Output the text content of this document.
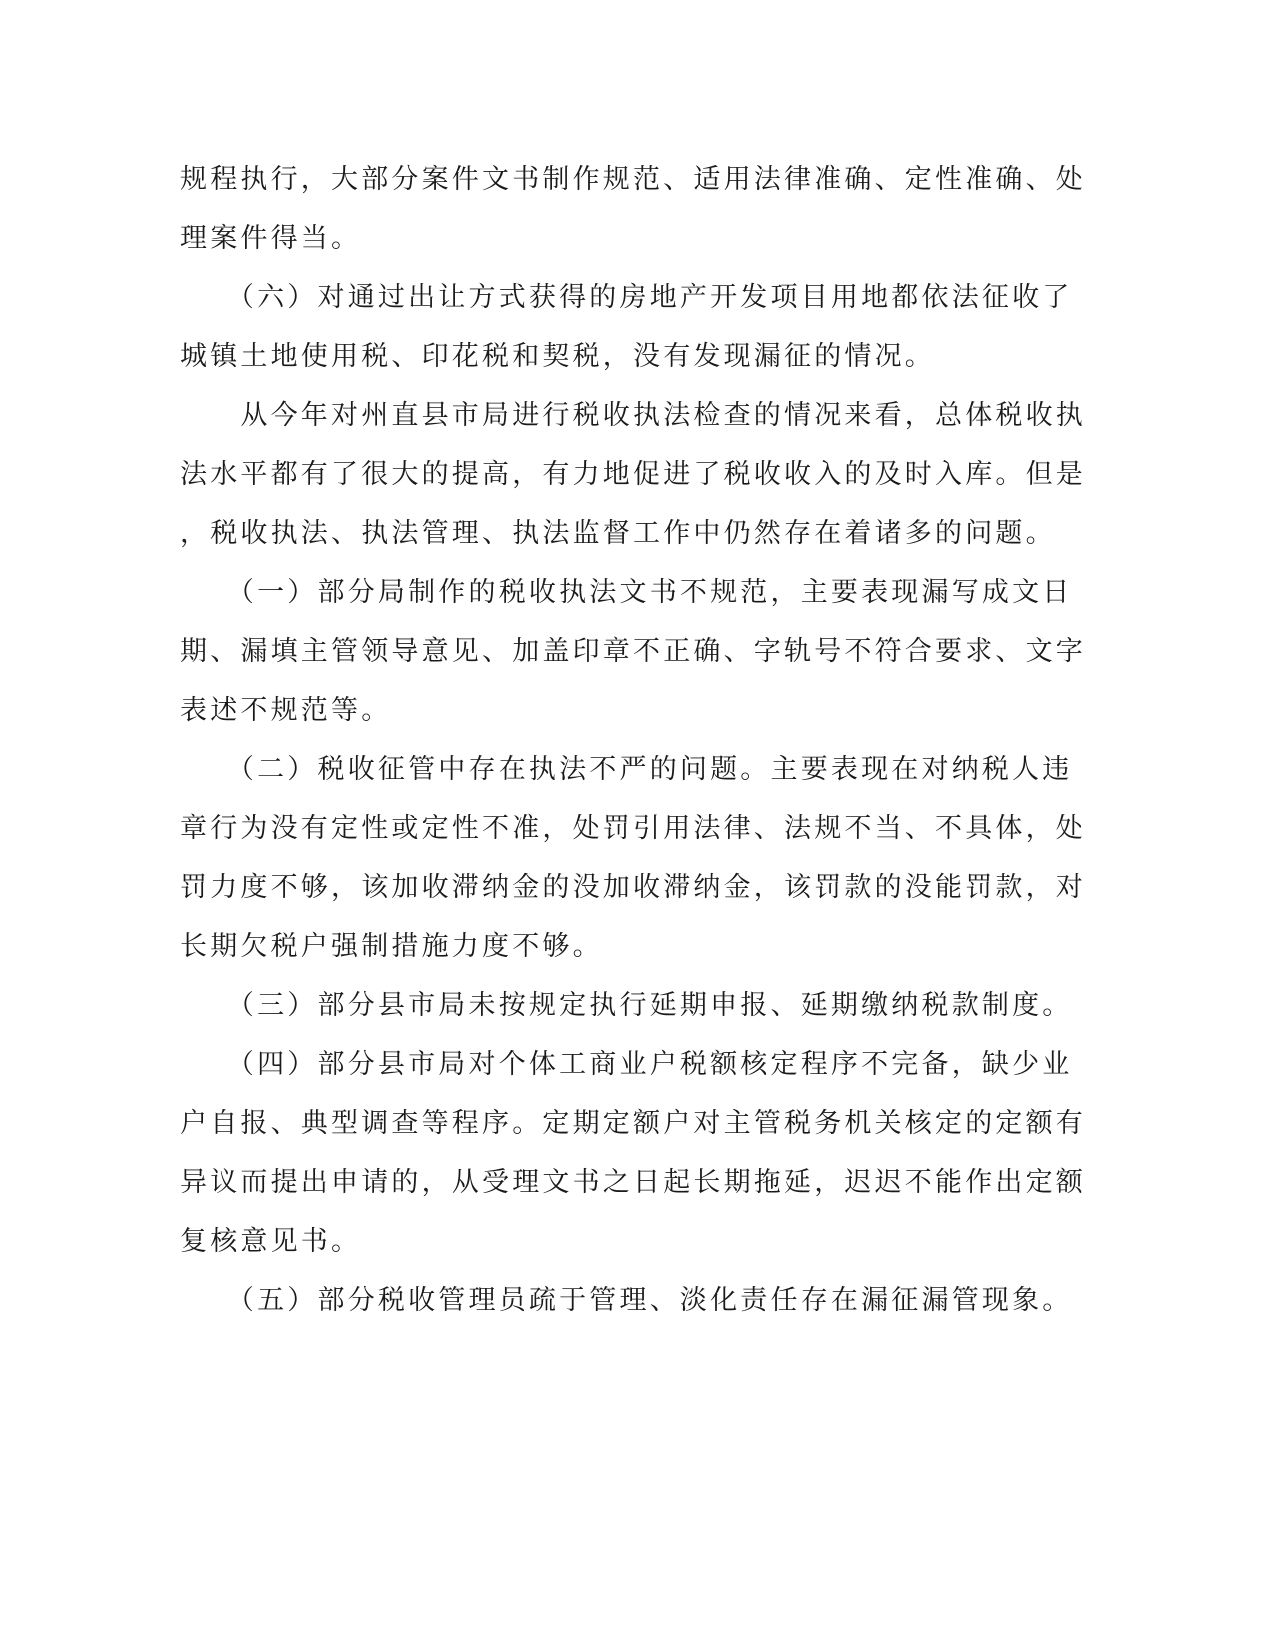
规程执行，大部分案件文书制作规范、适用法律准确、定性准确、处

理案件得当。

　　（六）对通过出让方式获得的房地产开发项目用地都依法征收了

城镇土地使用税、印花税和契税，没有发现漏征的情况。

　　从今年对州直县市局进行税收执法检查的情况来看，总体税收执

法水平都有了很大的提高，有力地促进了税收收入的及时入库。但是

，税收执法、执法管理、执法监督工作中仍然存在着诸多的问题。

　　（一）部分局制作的税收执法文书不规范，主要表现漏写成文日

期、漏填主管领导意见、加盖印章不正确、字轨号不符合要求、文字

表述不规范等。

　　（二）税收征管中存在执法不严的问题。主要表现在对纳税人违

章行为没有定性或定性不准，处罚引用法律、法规不当、不具体，处

罚力度不够，该加收滞纳金的没加收滞纳金，该罚款的没能罚款，对

长期欠税户强制措施力度不够。

　　（三）部分县市局未按规定执行延期申报、延期缴纳税款制度。

　　（四）部分县市局对个体工商业户税额核定程序不完备，缺少业

户自报、典型调查等程序。定期定额户对主管税务机关核定的定额有

异议而提出申请的，从受理文书之日起长期拖延，迟迟不能作出定额

复核意见书。

　　（五）部分税收管理员疏于管理、淡化责任存在漏征漏管现象。
